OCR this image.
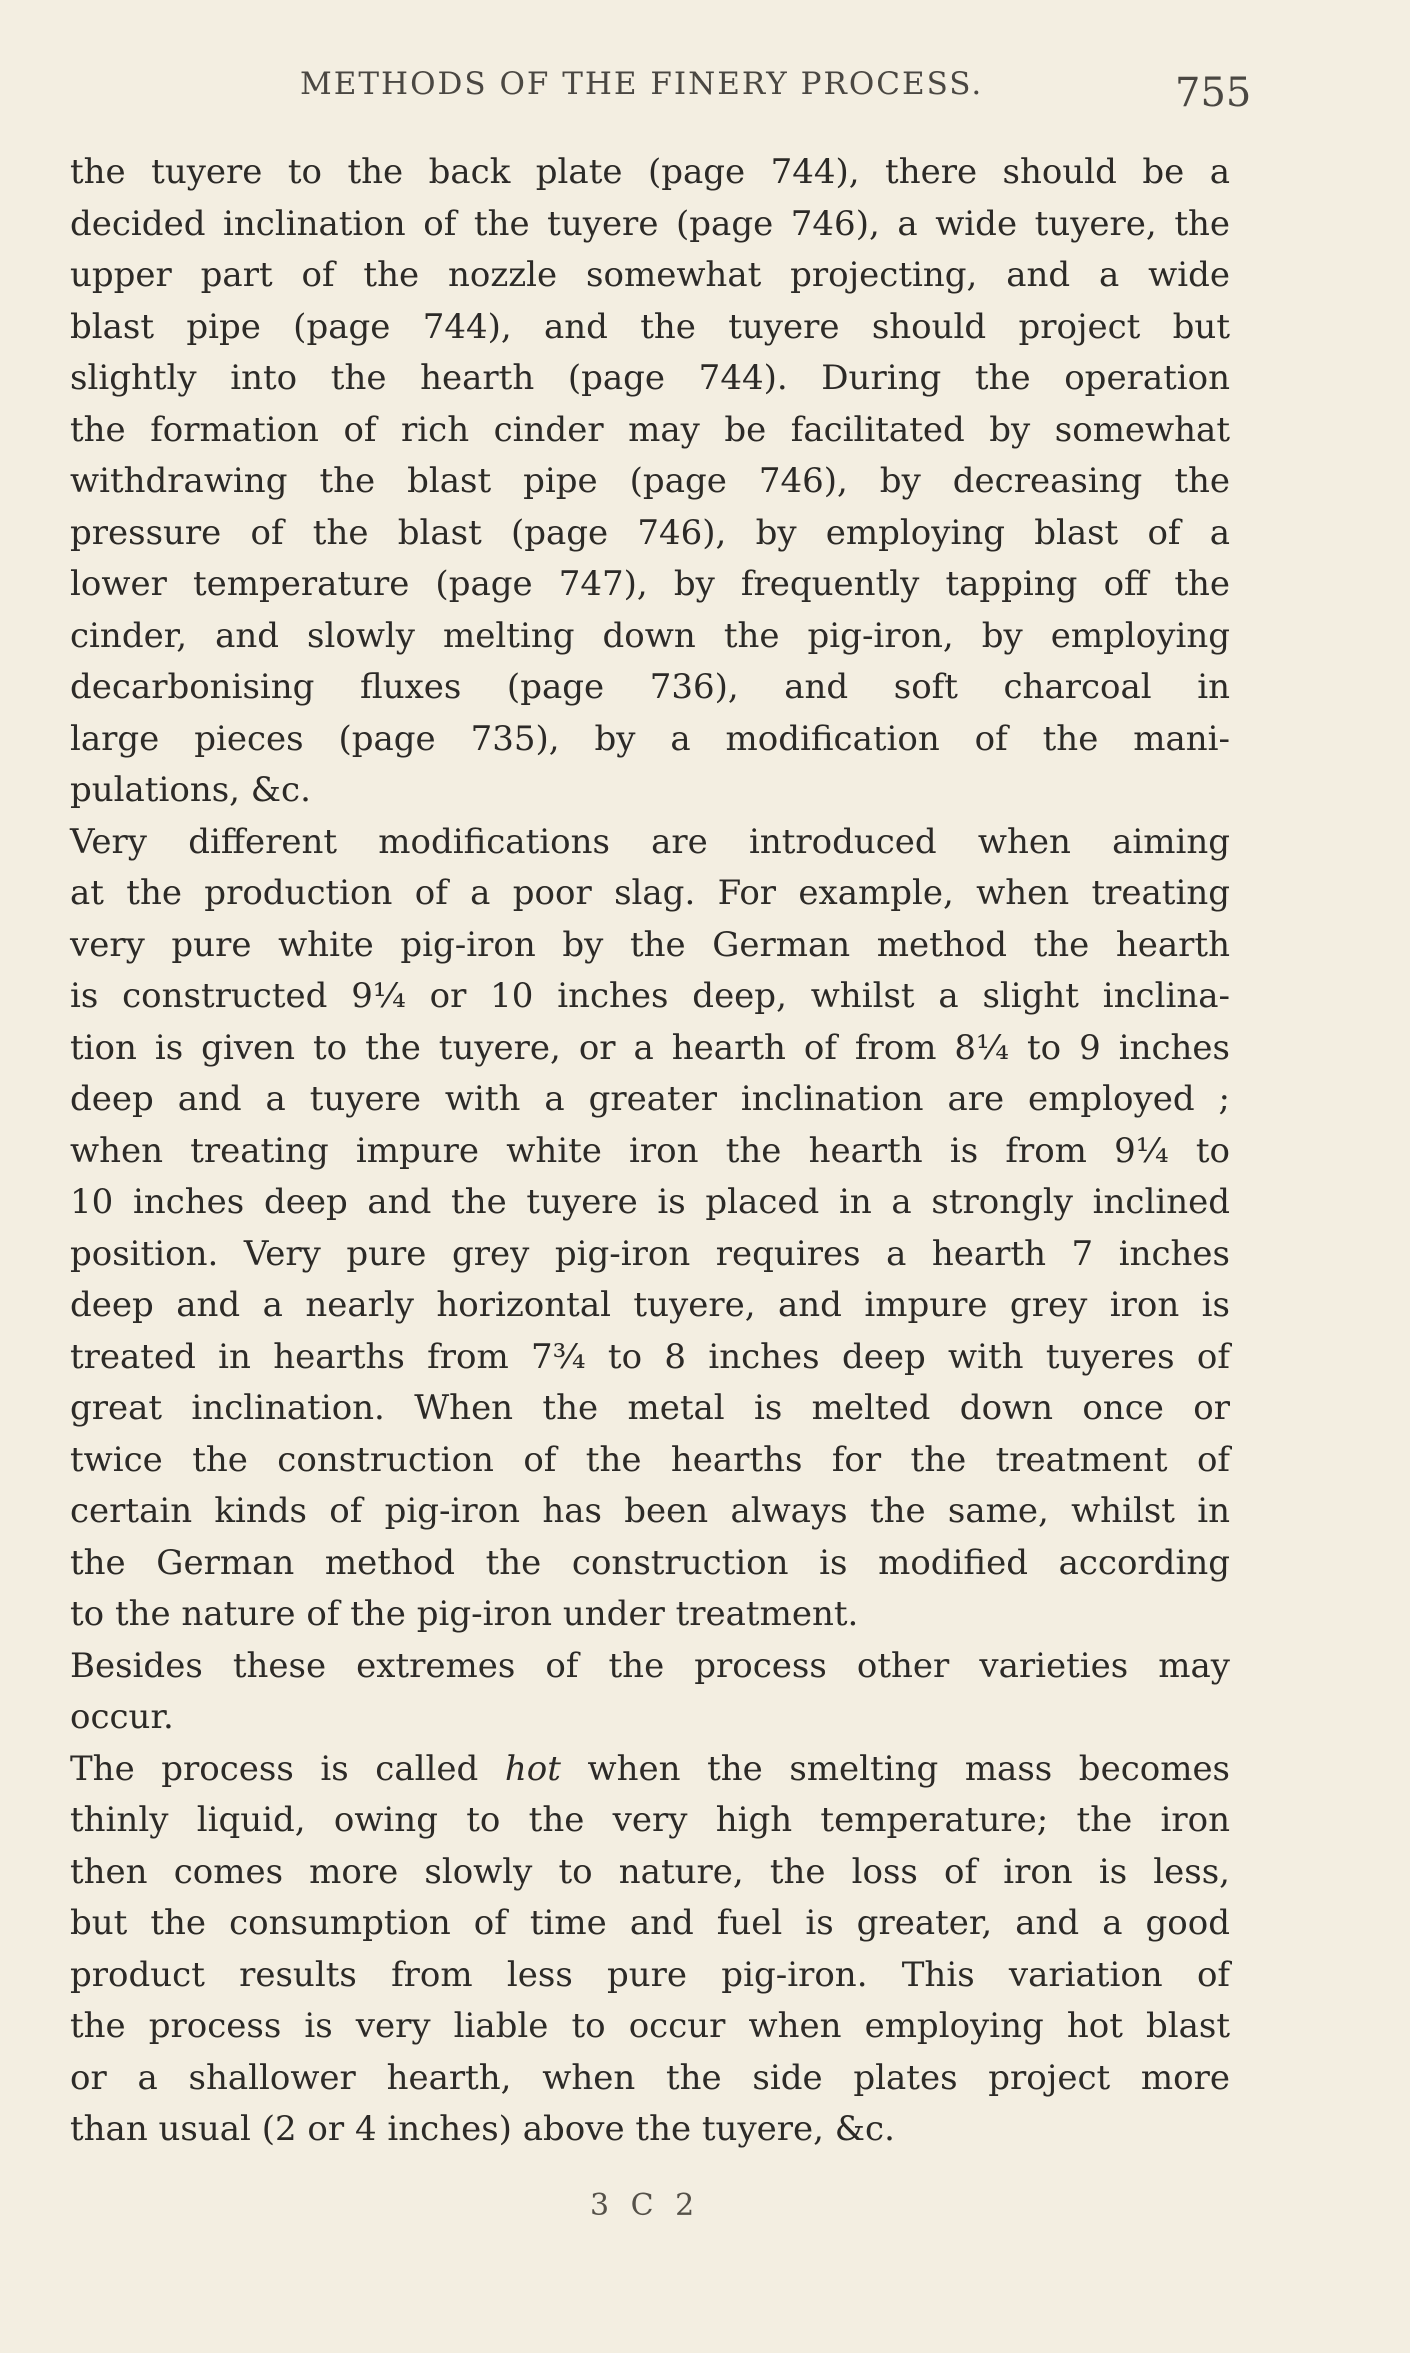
METHODS OF THE FINERY PROCESS.	755
the tuyere to the back plate (page 744), there should be a
decided inclination of the tuyere (page 746), a wide tuyere, the
upper part of the nozzle somewhat projecting, and a wide
blast pipe (page 744), and the tuyere should project but
slightly into the hearth (page 744). During the operation
the formation of rich cinder may be facilitated by somewhat
withdrawing the blast pipe (page 746), by decreasing the
pressure of the blast (page 746), by employing blast of a
lower temperature (page 747), by frequently tapping off the
cinder, and slowly melting down the pig-iron, by employing
decarbonising fluxes (page 736), and soft charcoal in
large pieces (page 735), by a modification of the mani-
pulations, &c.
Very different modifications are introduced when aiming
at the production of a poor slag. For example, when treating
very pure white pig-iron by the German method the hearth
is constructed 9¼ or 10 inches deep, whilst a slight inclina-
tion is given to the tuyere, or a hearth of from 8¼ to 9 inches
deep and a tuyere with a greater inclination are employed ;
when treating impure white iron the hearth is from 9¼ to
10 inches deep and the tuyere is placed in a strongly inclined
position. Very pure grey pig-iron requires a hearth 7 inches
deep and a nearly horizontal tuyere, and impure grey iron is
treated in hearths from 7¾ to 8 inches deep with tuyeres of
great inclination. When the metal is melted down once or
twice the construction of the hearths for the treatment of
certain kinds of pig-iron has been always the same, whilst in
the German method the construction is modified according
to the nature of the pig-iron under treatment.
Besides these extremes of the process other varieties may
occur.
The process is called hot when the smelting mass becomes
thinly liquid, owing to the very high temperature; the iron
then comes more slowly to nature, the loss of iron is less,
but the consumption of time and fuel is greater, and a good
product results from less pure pig-iron. This variation of
the process is very liable to occur when employing hot blast
or a shallower hearth, when the side plates project more
than usual (2 or 4 inches) above the tuyere, &c.
3 C 2
